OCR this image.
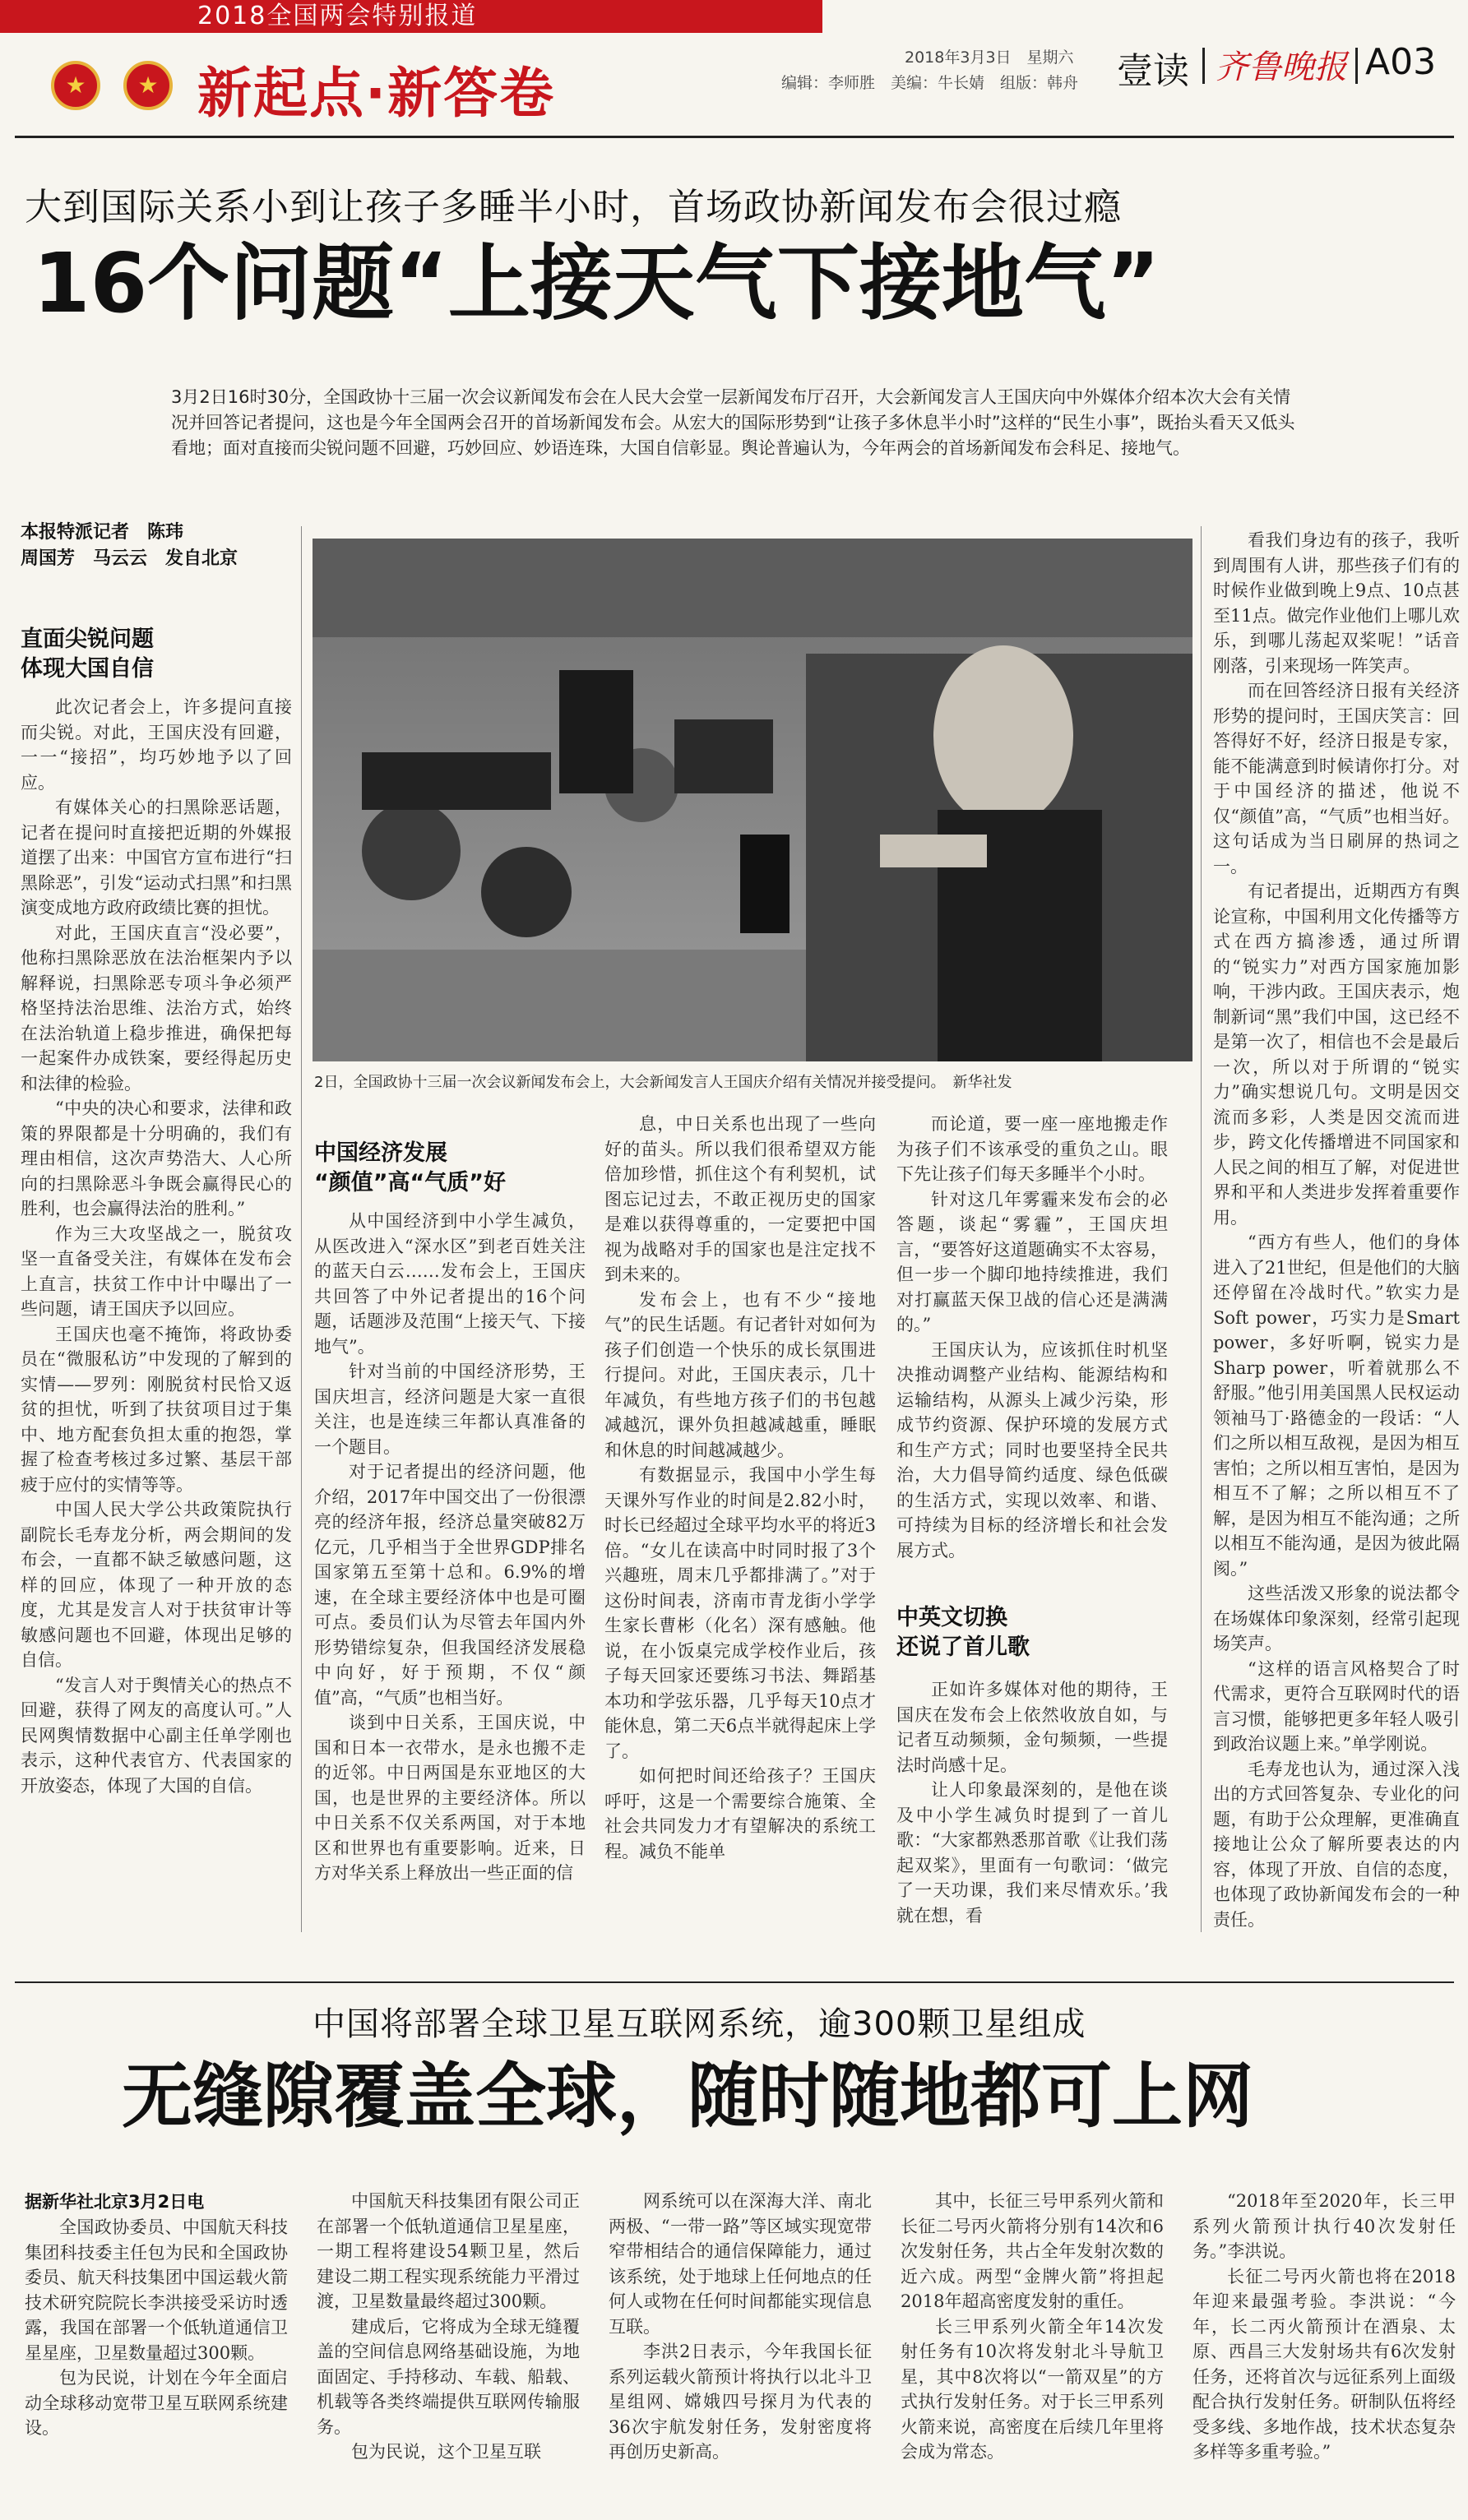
2018全国两会特别报道
★
★
新起点·新答卷
2018年3月3日　 星期六
编辑：李师胜　美编：牛长婧　组版：韩舟 壹读 齐鲁晚报 A03
大到国际关系小到让孩子多睡半小时，首场政协新闻发布会很过瘾
16个问题“上接天气下接地气”
3月2日16时30分，全国政协十三届一次会议新闻发布会在人民大会堂一层新闻发布厅召开，大会新闻发言人王国庆向中外媒体介绍本次大会有关情况并回答记者提问，这也是今年全国两会召开的首场新闻发布会。从宏大的国际形势到“让孩子多休息半小时”这样的“民生小事”，既抬头看天又低头看地；面对直接而尖锐问题不回避，巧妙回应、妙语连珠，大国自信彰显。舆论普遍认为，今年两会的首场新闻发布会科足、接地气。
本报特派记者　陈玮
周国芳　马云云　发自北京
直面尖锐问题
体现大国自信

此次记者会上，许多提问直接而尖锐。对此，王国庆没有回避，一一“接招”，均巧妙地予以了回应。

有媒体关心的扫黑除恶话题，记者在提问时直接把近期的外媒报道摆了出来：中国官方宣布进行“扫黑除恶”，引发“运动式扫黑”和扫黑演变成地方政府政绩比赛的担忧。

对此，王国庆直言“没必要”，他称扫黑除恶放在法治框架内予以解释说，扫黑除恶专项斗争必须严格坚持法治思维、法治方式，始终在法治轨道上稳步推进，确保把每一起案件办成铁案，要经得起历史和法律的检验。

“中央的决心和要求，法律和政策的界限都是十分明确的，我们有理由相信，这次声势浩大、人心所向的扫黑除恶斗争既会赢得民心的胜利，也会赢得法治的胜利。”

作为三大攻坚战之一，脱贫攻坚一直备受关注，有媒体在发布会上直言，扶贫工作中计中曝出了一些问题，请王国庆予以回应。

王国庆也毫不掩饰，将政协委员在“微服私访”中发现的了解到的实情——罗列：刚脱贫村民恰又返贫的担忧，听到了扶贫项目过于集中、地方配套负担太重的抱怨，掌握了检查考核过多过繁、基层干部疲于应付的实情等等。

中国人民大学公共政策院执行副院长毛寿龙分析，两会期间的发布会，一直都不缺乏敏感问题，这样的回应，体现了一种开放的态度，尤其是发言人对于扶贫审计等敏感问题也不回避，体现出足够的自信。

“发言人对于舆情关心的热点不回避，获得了网友的高度认可。”人民网舆情数据中心副主任单学刚也表示，这种代表官方、代表国家的开放姿态，体现了大国的自信。

2日，全国政协十三届一次会议新闻发布会上，大会新闻发言人王国庆介绍有关情况并接受提问。　新华社发
中国经济发展
“颜值”高“气质”好

从中国经济到中小学生减负，从医改进入“深水区”到老百姓关注的蓝天白云……发布会上，王国庆共回答了中外记者提出的16个问题，话题涉及范围“上接天气、下接地气”。

针对当前的中国经济形势，王国庆坦言，经济问题是大家一直很关注，也是连续三年都认真准备的一个题目。

对于记者提出的经济问题，他介绍，2017年中国交出了一份很漂亮的经济年报，经济总量突破82万亿元，几乎相当于全世界GDP排名国家第五至第十总和。6.9%的增速，在全球主要经济体中也是可圈可点。委员们认为尽管去年国内外形势错综复杂，但我国经济发展稳中向好，好于预期，不仅“颜值”高，“气质”也相当好。

谈到中日关系，王国庆说，中国和日本一衣带水，是永也搬不走的近邻。中日两国是东亚地区的大国，也是世界的主要经济体。所以中日关系不仅关系两国，对于本地区和世界也有重要影响。近来，日方对华关系上释放出一些正面的信

息，中日关系也出现了一些向好的苗头。所以我们很希望双方能倍加珍惜，抓住这个有利契机，试图忘记过去，不敢正视历史的国家是难以获得尊重的，一定要把中国视为战略对手的国家也是注定找不到未来的。

发布会上，也有不少“接地气”的民生话题。有记者针对如何为孩子们创造一个快乐的成长氛围进行提问。对此，王国庆表示，几十年减负，有些地方孩子们的书包越减越沉，课外负担越减越重，睡眠和休息的时间越减越少。

有数据显示，我国中小学生每天课外写作业的时间是2.82小时，时长已经超过全球平均水平的将近3倍。“女儿在读高中时同时报了3个兴趣班，周末几乎都排满了。”对于这份时间表，济南市青龙街小学学生家长曹彬（化名）深有感触。他说，在小饭桌完成学校作业后，孩子每天回家还要练习书法、舞蹈基本功和学弦乐器，几乎每天10点才能休息，第二天6点半就得起床上学了。

如何把时间还给孩子？王国庆呼吁，这是一个需要综合施策、全社会共同发力才有望解决的系统工程。减负不能单

而论道，要一座一座地搬走作为孩子们不该承受的重负之山。眼下先让孩子们每天多睡半个小时。

针对这几年雾霾来发布会的必答题，谈起“雾霾”，王国庆坦言，“要答好这道题确实不太容易，但一步一个脚印地持续推进，我们对打赢蓝天保卫战的信心还是满满的。”

王国庆认为，应该抓住时机坚决推动调整产业结构、能源结构和运输结构，从源头上减少污染，形成节约资源、保护环境的发展方式和生产方式；同时也要坚持全民共治，大力倡导简约适度、绿色低碳的生活方式，实现以效率、和谐、可持续为目标的经济增长和社会发展方式。

中英文切换
还说了首儿歌

正如许多媒体对他的期待，王国庆在发布会上依然收放自如，与记者互动频频，金句频频，一些提法时尚感十足。

让人印象最深刻的，是他在谈及中小学生减负时提到了一首儿歌：“大家都熟悉那首歌《让我们荡起双桨》，里面有一句歌词：‘做完了一天功课，我们来尽情欢乐。’我就在想，看

看我们身边有的孩子，我听到周围有人讲，那些孩子们有的时候作业做到晚上9点、10点甚至11点。做完作业他们上哪儿欢乐，到哪儿荡起双桨呢！”话音刚落，引来现场一阵笑声。

而在回答经济日报有关经济形势的提问时，王国庆笑言：回答得好不好，经济日报是专家，能不能满意到时候请你打分。对于中国经济的描述，他说不仅“颜值”高，“气质”也相当好。这句话成为当日刷屏的热词之一。

有记者提出，近期西方有舆论宣称，中国利用文化传播等方式在西方搞渗透，通过所谓的“锐实力”对西方国家施加影响，干涉内政。王国庆表示，炮制新词“黑”我们中国，这已经不是第一次了，相信也不会是最后一次，所以对于所谓的“锐实力”确实想说几句。文明是因交流而多彩，人类是因交流而进步，跨文化传播增进不同国家和人民之间的相互了解，对促进世界和平和人类进步发挥着重要作用。

“西方有些人，他们的身体进入了21世纪，但是他们的大脑还停留在冷战时代。”软实力是Soft power，巧实力是Smart power，多好听啊，锐实力是Sharp power，听着就那么不舒服。”他引用美国黑人民权运动领袖马丁·路德金的一段话：“人们之所以相互敌视，是因为相互害怕；之所以相互害怕，是因为相互不了解；之所以相互不了解，是因为相互不能沟通；之所以相互不能沟通，是因为彼此隔阂。”

这些活泼又形象的说法都令在场媒体印象深刻，经常引起现场笑声。

“这样的语言风格契合了时代需求，更符合互联网时代的语言习惯，能够把更多年轻人吸引到政治议题上来。”单学刚说。

毛寿龙也认为，通过深入浅出的方式回答复杂、专业化的问题，有助于公众理解，更准确直接地让公众了解所要表达的内容，体现了开放、自信的态度，也体现了政协新闻发布会的一种责任。

中国将部署全球卫星互联网系统，逾300颗卫星组成
无缝隙覆盖全球，随时随地都可上网
据新华社北京3月2日电

全国政协委员、中国航天科技集团科技委主任包为民和全国政协委员、航天科技集团中国运载火箭技术研究院院长李洪接受采访时透露，我国在部署一个低轨道通信卫星星座，卫星数量超过300颗。

包为民说，计划在今年全面启动全球移动宽带卫星互联网系统建设。

中国航天科技集团有限公司正在部署一个低轨道通信卫星星座，一期工程将建设54颗卫星，然后建设二期工程实现系统能力平滑过渡，卫星数量最终超过300颗。

建成后，它将成为全球无缝覆盖的空间信息网络基础设施，为地面固定、手持移动、车载、船载、机载等各类终端提供互联网传输服务。

包为民说，这个卫星互联

网系统可以在深海大洋、南北两极、“一带一路”等区域实现宽带窄带相结合的通信保障能力，通过该系统，处于地球上任何地点的任何人或物在任何时间都能实现信息互联。

李洪2日表示，今年我国长征系列运载火箭预计将执行以北斗卫星组网、嫦娥四号探月为代表的36次宇航发射任务，发射密度将再创历史新高。

其中，长征三号甲系列火箭和长征二号丙火箭将分别有14次和6次发射任务，共占全年发射次数的近六成。两型“金牌火箭”将担起2018年超高密度发射的重任。

长三甲系列火箭全年14次发射任务有10次将发射北斗导航卫星，其中8次将以“一箭双星”的方式执行发射任务。对于长三甲系列火箭来说，高密度在后续几年里将会成为常态。

“2018年至2020年，长三甲系列火箭预计执行40次发射任务。”李洪说。

长征二号丙火箭也将在2018年迎来最强考验。李洪说：“今年，长二丙火箭预计在酒泉、太原、西昌三大发射场共有6次发射任务，还将首次与远征系列上面级配合执行发射任务。研制队伍将经受多线、多地作战，技术状态复杂多样等多重考验。”
